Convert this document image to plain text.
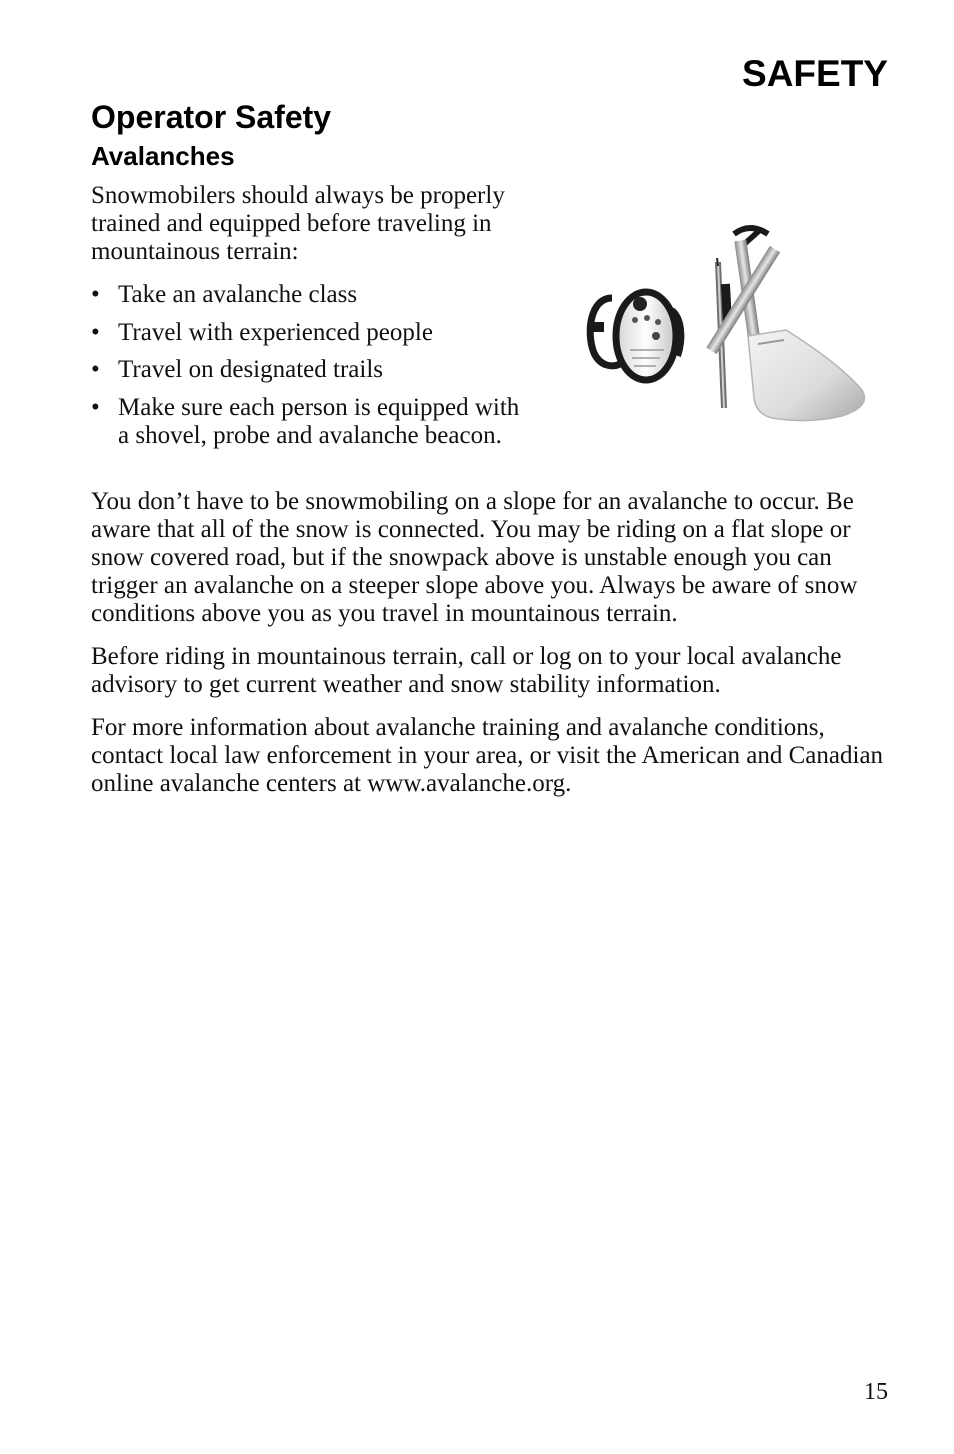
SAFETY
Operator Safety
Avalanches

Snowmobilers should always be properly trained and equipped before traveling in mountainous terrain:

• Take an avalanche class
• Travel with experienced people
• Travel on designated trails
• Make sure each person is equipped with a shovel, probe and avalanche beacon.

You don’t have to be snowmobiling on a slope for an avalanche to occur. Be aware that all of the snow is connected. You may be riding on a flat slope or snow covered road, but if the snowpack above is unstable enough you can trigger an avalanche on a steeper slope above you. Always be aware of snow conditions above you as you travel in mountainous terrain.

Before riding in mountainous terrain, call or log on to your local avalanche advisory to get current weather and snow stability information.

For more information about avalanche training and avalanche conditions, contact local law enforcement in your area, or visit the American and Canadian online avalanche centers at www.avalanche.org.

15
